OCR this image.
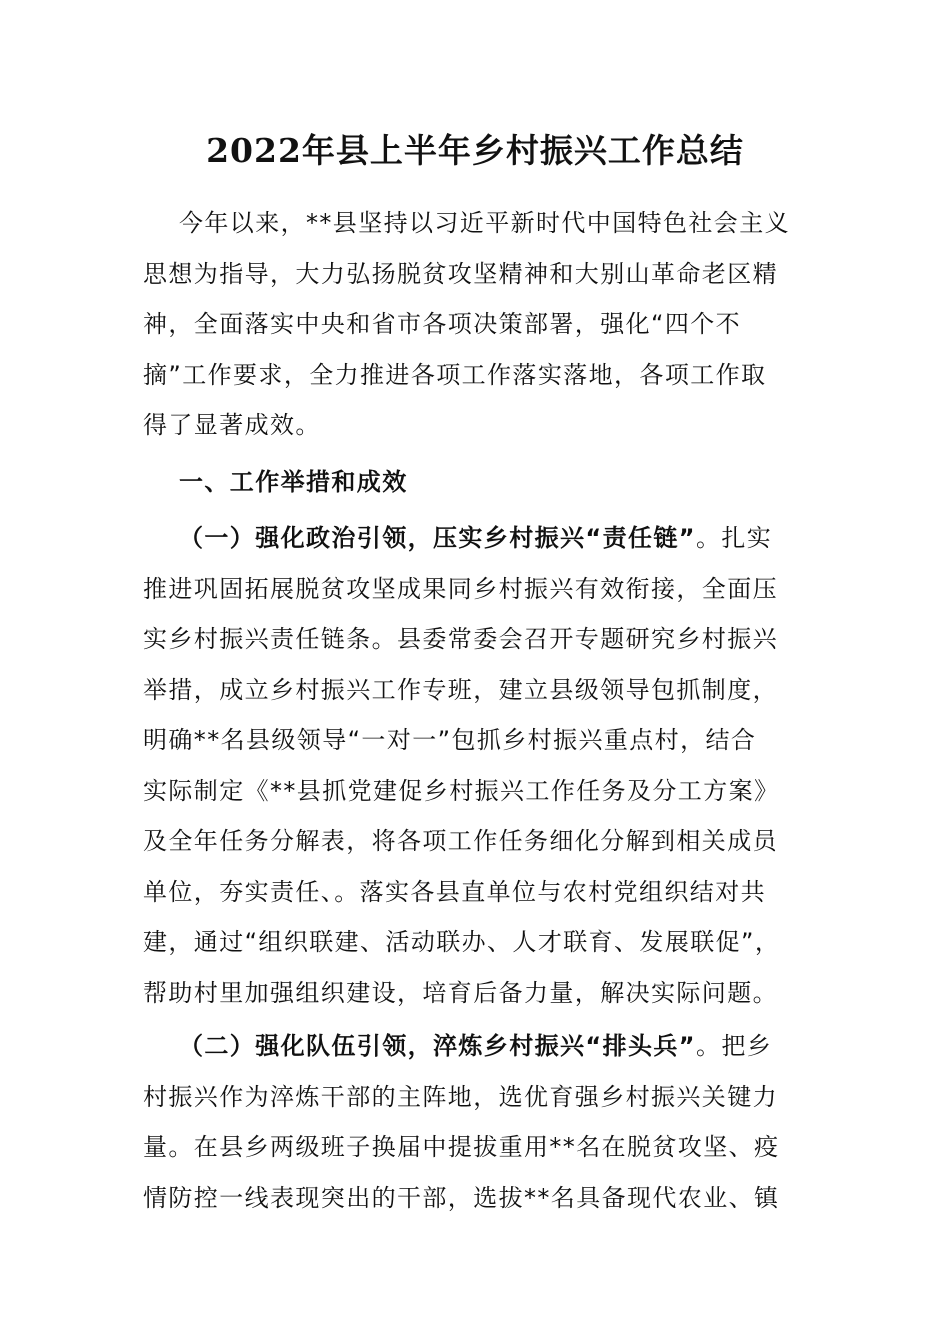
2022年县上半年乡村振兴工作总结
今年以来，**县坚持以习近平新时代中国特色社会主义
思想为指导，大力弘扬脱贫攻坚精神和大别山革命老区精
神，全面落实中央和省市各项决策部署，强化“四个不
摘”工作要求，全力推进各项工作落实落地，各项工作取
得了显著成效。
一、工作举措和成效
（一）强化政治引领，压实乡村振兴“责任链”。扎实
推进巩固拓展脱贫攻坚成果同乡村振兴有效衔接，全面压
实乡村振兴责任链条。县委常委会召开专题研究乡村振兴
举措，成立乡村振兴工作专班，建立县级领导包抓制度，
明确**名县级领导“一对一”包抓乡村振兴重点村，结合
实际制定《**县抓党建促乡村振兴工作任务及分工方案》
及全年任务分解表，将各项工作任务细化分解到相关成员
单位，夯实责任、。落实各县直单位与农村党组织结对共
建，通过“组织联建、活动联办、人才联育、发展联促”，
帮助村里加强组织建设，培育后备力量，解决实际问题。
（二）强化队伍引领，淬炼乡村振兴“排头兵”。把乡
村振兴作为淬炼干部的主阵地，选优育强乡村振兴关键力
量。在县乡两级班子换届中提拔重用**名在脱贫攻坚、疫
情防控一线表现突出的干部，选拔**名具备现代农业、镇
